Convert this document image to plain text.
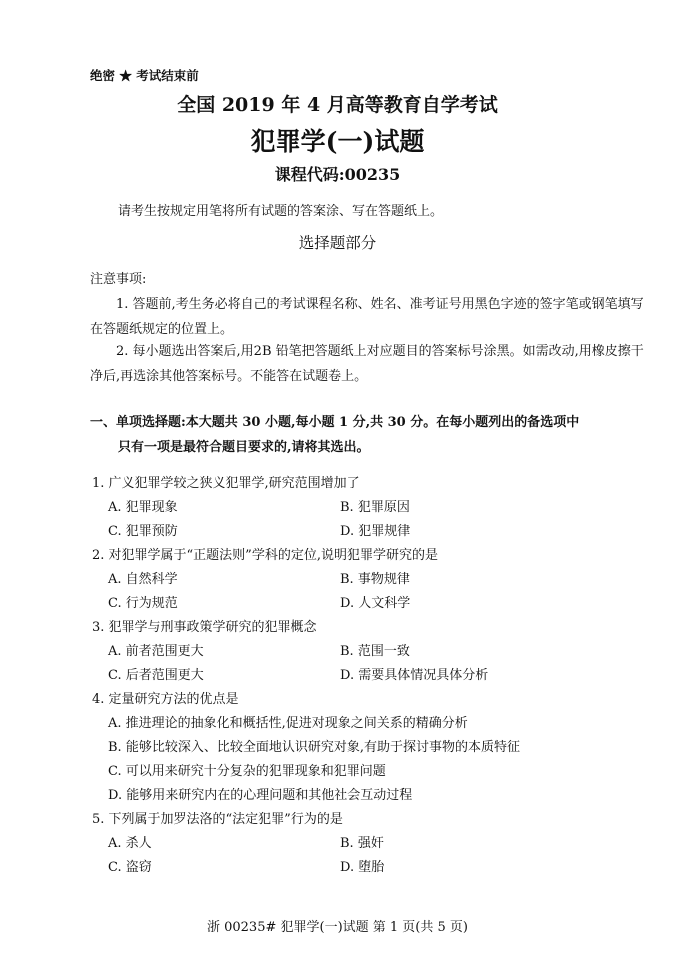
绝密 ★ 考试结束前
全国 2019 年 4 月高等教育自学考试
犯罪学(一)试题
课程代码:00235
请考生按规定用笔将所有试题的答案涂、写在答题纸上。
选择题部分
注意事项:
1. 答题前,考生务必将自己的考试课程名称、姓名、准考证号用黑色字迹的签字笔或钢笔填写在答题纸规定的位置上。
2. 每小题选出答案后,用2B 铅笔把答题纸上对应题目的答案标号涂黑。如需改动,用橡皮擦干净后,再选涂其他答案标号。不能答在试题卷上。
一、单项选择题:本大题共 30 小题,每小题 1 分,共 30 分。在每小题列出的备选项中
只有一项是最符合题目要求的,请将其选出。
1. 广义犯罪学较之狭义犯罪学,研究范围增加了
A. 犯罪现象	B. 犯罪原因
C. 犯罪预防	D. 犯罪规律
2. 对犯罪学属于“正题法则”学科的定位,说明犯罪学研究的是
A. 自然科学	B. 事物规律
C. 行为规范	D. 人文科学
3. 犯罪学与刑事政策学研究的犯罪概念
A. 前者范围更大	B. 范围一致
C. 后者范围更大	D. 需要具体情况具体分析
4. 定量研究方法的优点是
A. 推进理论的抽象化和概括性,促进对现象之间关系的精确分析
B. 能够比较深入、比较全面地认识研究对象,有助于探讨事物的本质特征
C. 可以用来研究十分复杂的犯罪现象和犯罪问题
D. 能够用来研究内在的心理问题和其他社会互动过程
5. 下列属于加罗法洛的“法定犯罪”行为的是
A. 杀人	B. 强奸
C. 盗窃	D. 堕胎
浙 00235# 犯罪学(一)试题 第 1 页(共 5 页)
